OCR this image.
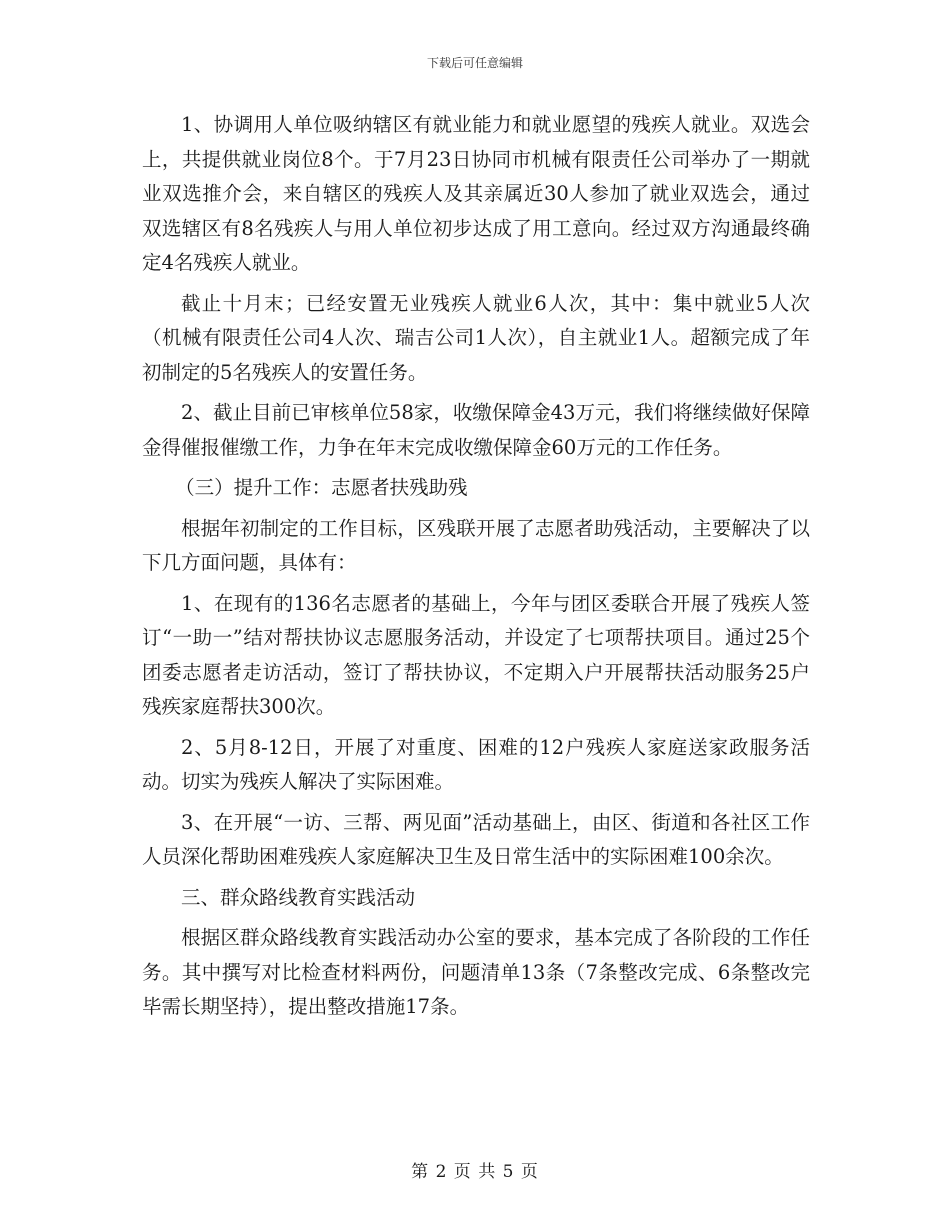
下载后可任意编辑

1、协调用人单位吸纳辖区有就业能力和就业愿望的残疾人就业。双选会上，共提供就业岗位8个。于7月23日协同市机械有限责任公司举办了一期就业双选推介会，来自辖区的残疾人及其亲属近30人参加了就业双选会，通过双选辖区有8名残疾人与用人单位初步达成了用工意向。经过双方沟通最终确定4名残疾人就业。

截止十月末；已经安置无业残疾人就业6人次，其中：集中就业5人次（机械有限责任公司4人次、瑞吉公司1人次），自主就业1人。超额完成了年初制定的5名残疾人的安置任务。

2、截止目前已审核单位58家，收缴保障金43万元，我们将继续做好保障金得催报催缴工作，力争在年末完成收缴保障金60万元的工作任务。

（三）提升工作：志愿者扶残助残

根据年初制定的工作目标，区残联开展了志愿者助残活动，主要解决了以下几方面问题，具体有：

1、在现有的136名志愿者的基础上，今年与团区委联合开展了残疾人签订“一助一”结对帮扶协议志愿服务活动，并设定了七项帮扶项目。通过25个团委志愿者走访活动，签订了帮扶协议，不定期入户开展帮扶活动服务25户残疾家庭帮扶300次。

2、5月8-12日，开展了对重度、困难的12户残疾人家庭送家政服务活动。切实为残疾人解决了实际困难。

3、在开展“一访、三帮、两见面”活动基础上，由区、街道和各社区工作人员深化帮助困难残疾人家庭解决卫生及日常生活中的实际困难100余次。

三、群众路线教育实践活动

根据区群众路线教育实践活动办公室的要求，基本完成了各阶段的工作任务。其中撰写对比检查材料两份，问题清单13条（7条整改完成、6条整改完毕需长期坚持），提出整改措施17条。

第 2 页 共 5 页
